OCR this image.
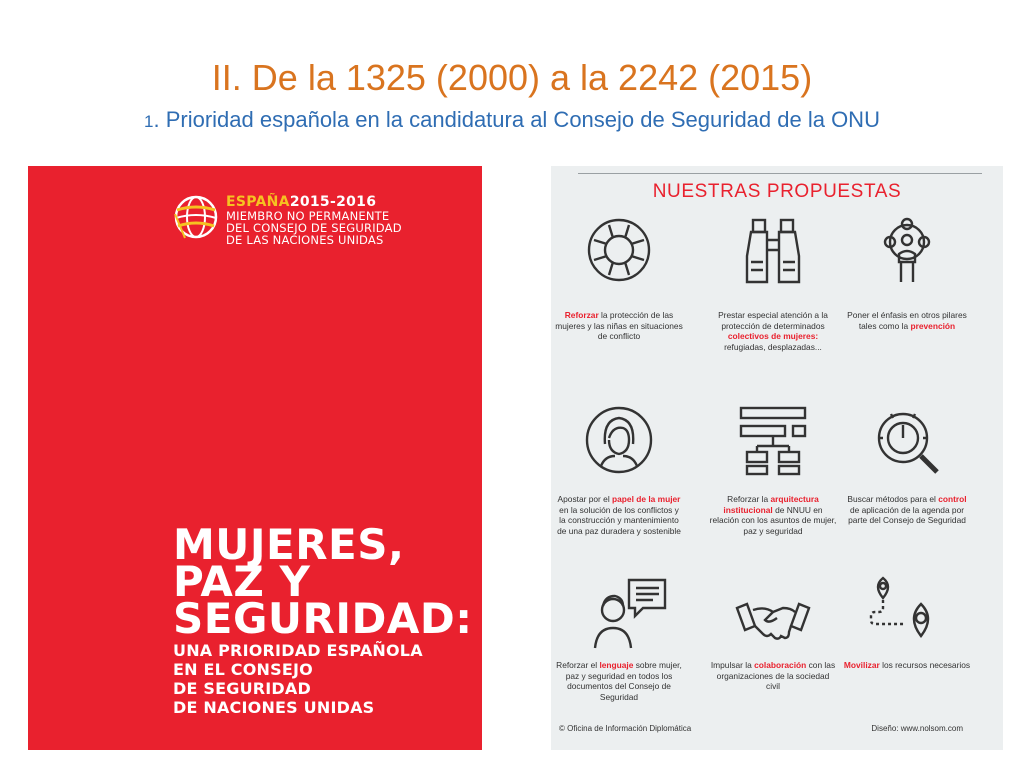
II. De la 1325 (2000) a la 2242 (2015)
1. Prioridad española en la candidatura al Consejo de Seguridad de la ONU
ESPAÑA2015-2016
MIEMBRO NO PERMANENTE
DEL CONSEJO DE SEGURIDAD
DE LAS NACIONES UNIDAS
MUJERES,
PAZ Y
SEGURIDAD:
UNA PRIORIDAD ESPAÑOLA
EN EL CONSEJO
DE SEGURIDAD
DE NACIONES UNIDAS
NUESTRAS PROPUESTAS
Reforzar la protección de las mujeres y las niñas en situaciones de conflicto
Prestar especial atención a la protección de determinados colectivos de mujeres: refugiadas, desplazadas...
Poner el énfasis en otros pilares tales como la prevención
Apostar por el papel de la mujer en la solución de los conflictos y la construcción y mantenimiento de una paz duradera y sostenible
Reforzar la arquitectura institucional de NNUU en relación con los asuntos de mujer, paz y seguridad
Buscar métodos para el control de aplicación de la agenda por parte del Consejo de Seguridad
Reforzar el lenguaje sobre mujer, paz y seguridad en todos los documentos del Consejo de Seguridad
Impulsar la colaboración con las organizaciones de la sociedad civil
Movilizar los recursos necesarios
© Oficina de Información Diplomática	Diseño: www.nolsom.com
